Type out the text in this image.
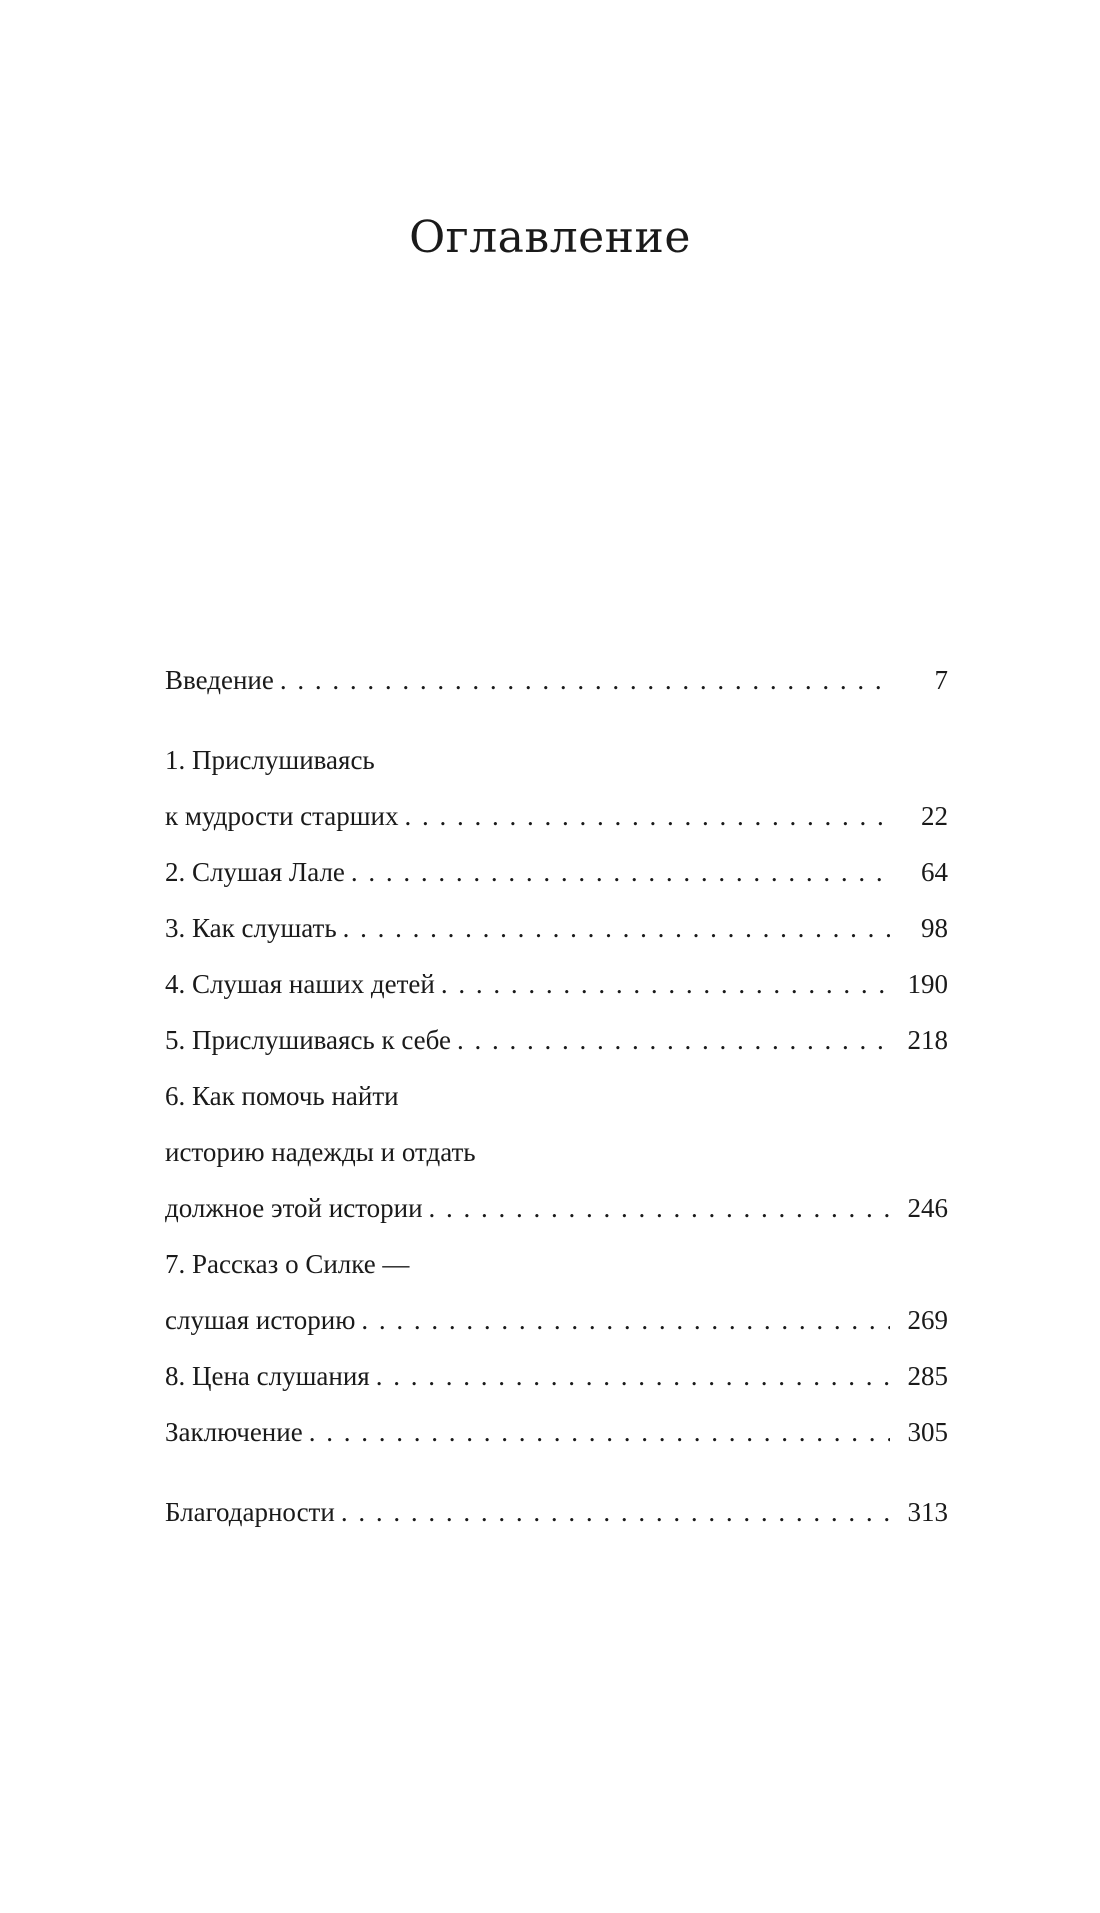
Оглавление
Введение . . .	7
1. Прислушиваясь
к мудрости старших . . .	22
2. Слушая Лале . . .	64
3. Как слушать . . .	98
4. Слушая наших детей . . .	190
5. Прислушиваясь к себе . . .	218
6. Как помочь найти
историю надежды и отдать
должное этой истории . . .	246
7. Рассказ о Силке —
слушая историю . . .	269
8. Цена слушания . . .	285
Заключение . . .	305
Благодарности . . .	313
